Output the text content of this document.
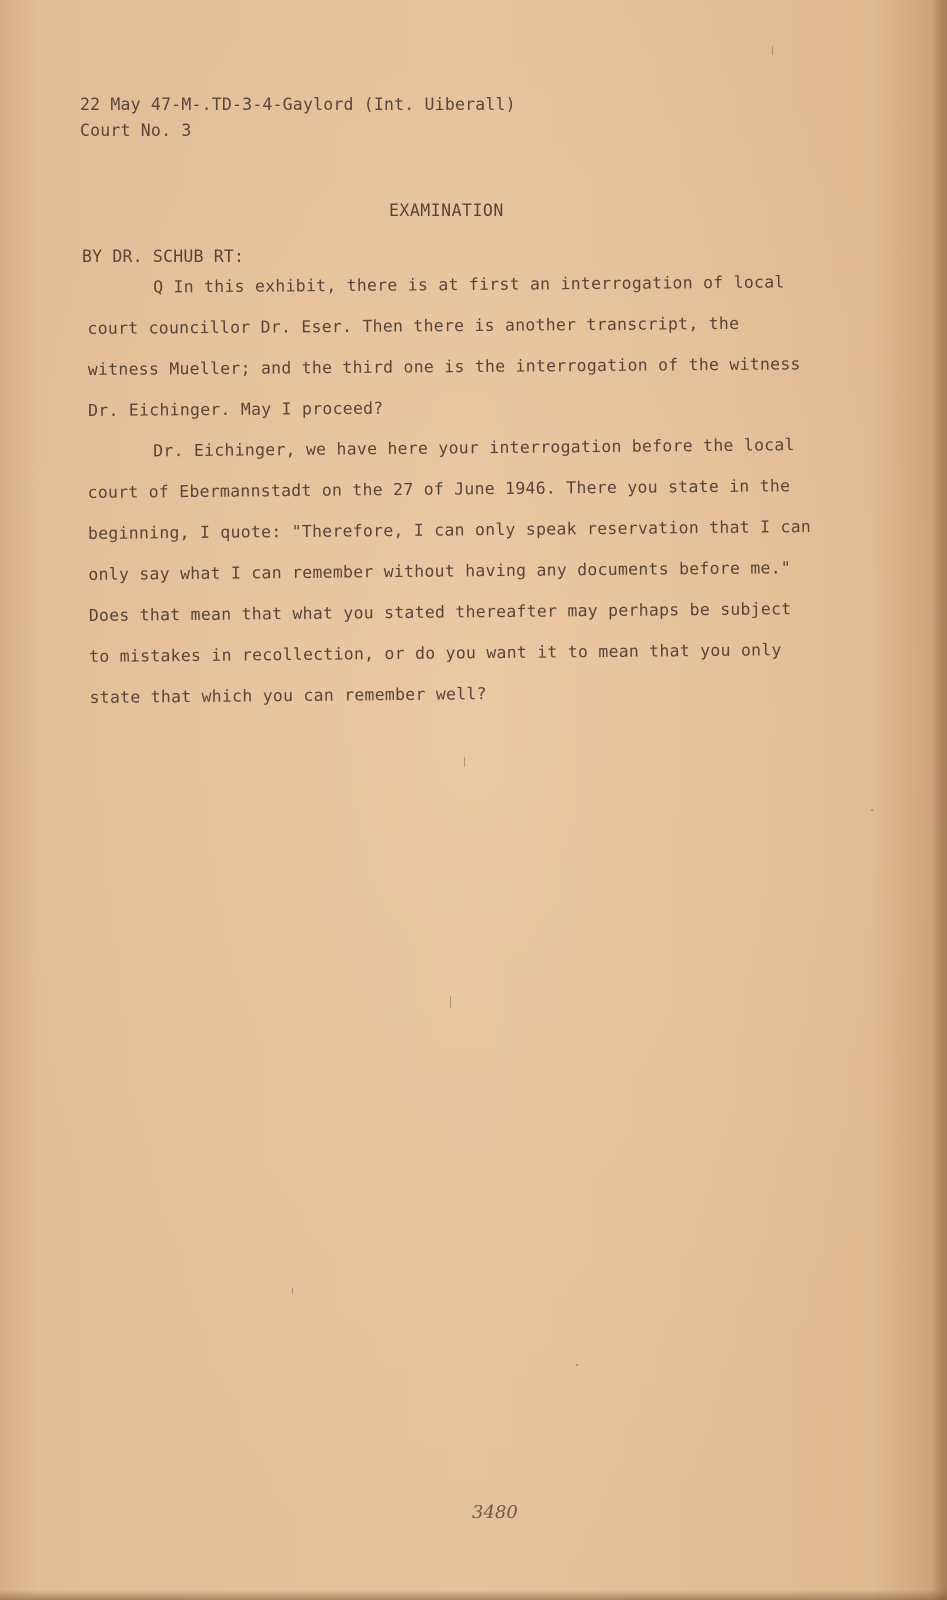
22 May 47-M-.TD-3-4-Gaylord (Int. Uiberall)
Court No. 3
EXAMINATION
BY DR. SCHUB RT:
Q In this exhibit, there is at first an interrogation of local
court councillor Dr. Eser. Then there is another transcript, the
witness Mueller; and the third one is the interrogation of the witness
Dr. Eichinger. May I proceed?
Dr. Eichinger, we have here your interrogation before the local
court of Ebermannstadt on the 27 of June 1946. There you state in the
beginning, I quote: "Therefore, I can only speak reservation that I can
only say what I can remember without having any documents before me."
Does that mean that what you stated thereafter may perhaps be subject
to mistakes in recollection, or do you want it to mean that you only
state that which you can remember well?
3480
